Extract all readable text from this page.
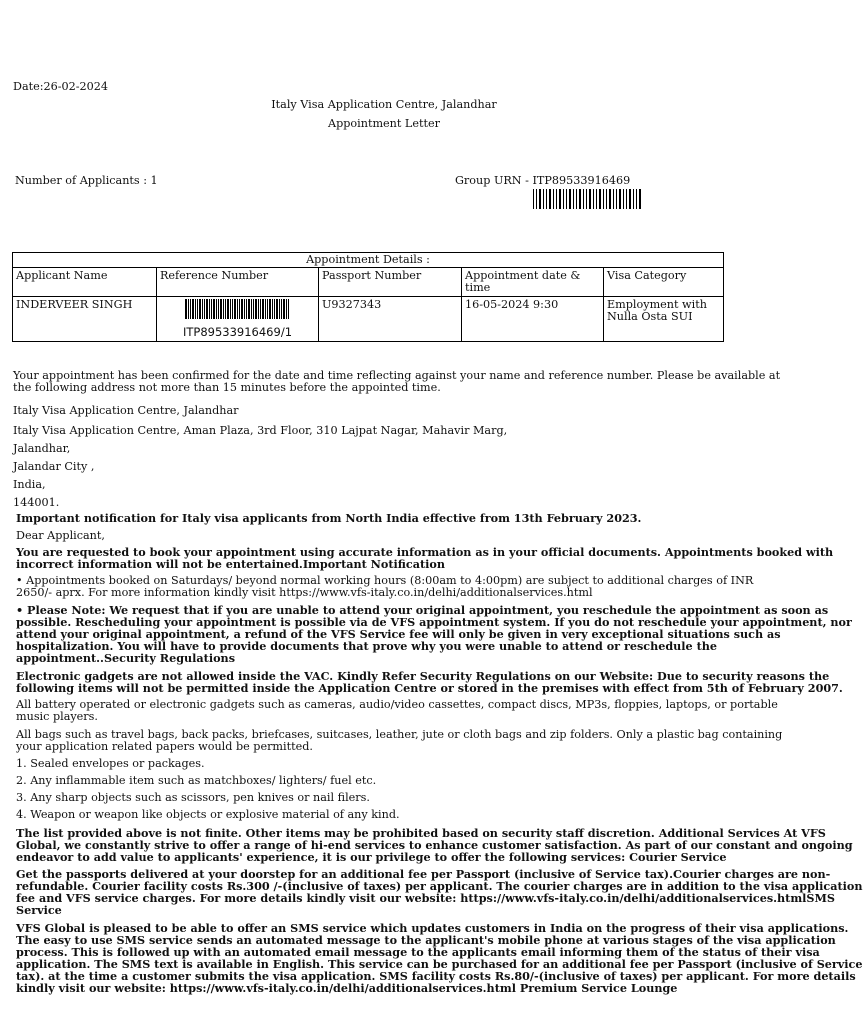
Date:26-02-2024
Italy Visa Application Centre, Jalandhar
Appointment Letter
Number of Applicants : 1	Group URN - ITP89533916469
Appointment Details :				
Applicant Name	Reference Number	Passport Number	Appointment date & time	Visa Category
INDERVEER SINGH	ITP89533916469/1	U9327343	16-05-2024 9:30	Employment with Nulla Osta SUI
Your appointment has been confirmed for the date and time reflecting against your name and reference number. Please be available at
the following address not more than 15 minutes before the appointed time.
Italy Visa Application Centre, Jalandhar
Italy Visa Application Centre, Aman Plaza, 3rd Floor, 310 Lajpat Nagar, Mahavir Marg,
Jalandhar,
Jalandar City ,
India,
144001.
Important notification for Italy visa applicants from North India effective from 13th February 2023.
Dear Applicant,
You are requested to book your appointment using accurate information as in your official documents. Appointments booked with
incorrect information will not be entertained.Important Notification
• Appointments booked on Saturdays/ beyond normal working hours (8:00am to 4:00pm) are subject to additional charges of INR
2650/- aprx. For more information kindly visit https://www.vfs-italy.co.in/delhi/additionalservices.html
• Please Note: We request that if you are unable to attend your original appointment, you reschedule the appointment as soon as
possible. Rescheduling your appointment is possible via de VFS appointment system. If you do not reschedule your appointment, nor
attend your original appointment, a refund of the VFS Service fee will only be given in very exceptional situations such as
hospitalization. You will have to provide documents that prove why you were unable to attend or reschedule the
appointment..Security Regulations
Electronic gadgets are not allowed inside the VAC. Kindly Refer Security Regulations on our Website: Due to security reasons the
following items will not be permitted inside the Application Centre or stored in the premises with effect from 5th of February 2007.
All battery operated or electronic gadgets such as cameras, audio/video cassettes, compact discs, MP3s, floppies, laptops, or portable
music players.
All bags such as travel bags, back packs, briefcases, suitcases, leather, jute or cloth bags and zip folders. Only a plastic bag containing
your application related papers would be permitted.
1. Sealed envelopes or packages.
2. Any inflammable item such as matchboxes/ lighters/ fuel etc.
3. Any sharp objects such as scissors, pen knives or nail filers.
4. Weapon or weapon like objects or explosive material of any kind.
The list provided above is not finite. Other items may be prohibited based on security staff discretion. Additional Services At VFS
Global, we constantly strive to offer a range of hi-end services to enhance customer satisfaction. As part of our constant and ongoing
endeavor to add value to applicants' experience, it is our privilege to offer the following services: Courier Service
Get the passports delivered at your doorstep for an additional fee per Passport (inclusive of Service tax).Courier charges are non-
refundable. Courier facility costs Rs.300 /-(inclusive of taxes) per applicant. The courier charges are in addition to the visa application
fee and VFS service charges. For more details kindly visit our website: https://www.vfs-italy.co.in/delhi/additionalservices.htmlSMS
Service
VFS Global is pleased to be able to offer an SMS service which updates customers in India on the progress of their visa applications.
The easy to use SMS service sends an automated message to the applicant's mobile phone at various stages of the visa application
process. This is followed up with an automated email message to the applicants email informing them of the status of their visa
application. The SMS text is available in English. This service can be purchased for an additional fee per Passport (inclusive of Service
tax). at the time a customer submits the visa application. SMS facility costs Rs.80/-(inclusive of taxes) per applicant. For more details
kindly visit our website: https://www.vfs-italy.co.in/delhi/additionalservices.html Premium Service Lounge
